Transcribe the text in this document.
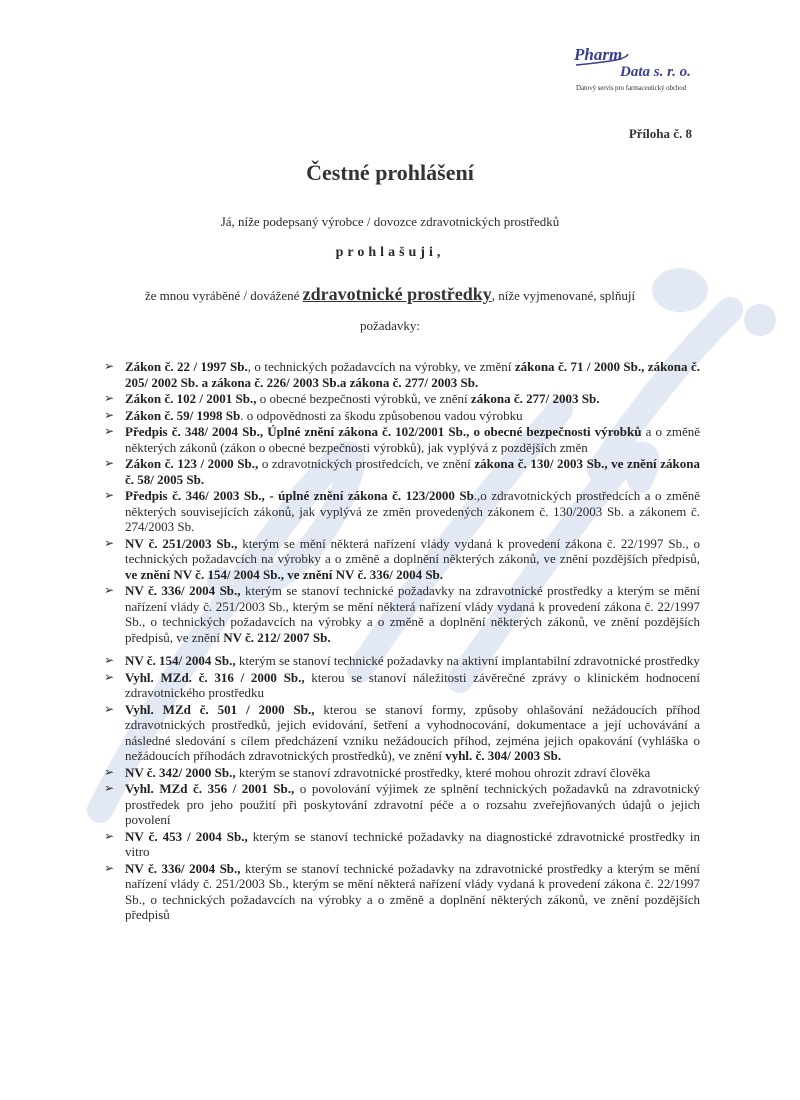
Pharm
Data s. r. o.
Datový servis pro farmaceutický obchod
Příloha č. 8
Čestné prohlášení
Já, níže podepsaný výrobce / dovozce zdravotnických prostředků
prohlašuji,
že mnou vyráběné / dovážené zdravotnické prostředky, níže vyjmenované, splňují
požadavky:
➢ Zákon č. 22 / 1997 Sb., o technických požadavcích na výrobky, ve změní zákona č. 71 / 2000 Sb., zákona č. 205/ 2002 Sb. a zákona č. 226/ 2003 Sb.a zákona č. 277/ 2003 Sb.
➢ Zákon č. 102 / 2001 Sb., o obecné bezpečnosti výrobků, ve znění zákona č. 277/ 2003 Sb.
➢ Zákon č. 59/ 1998 Sb. o odpovědnosti za škodu způsobenou vadou výrobku
➢ Předpis č. 348/ 2004 Sb., Úplné znění zákona č. 102/2001 Sb., o obecné bezpečnosti výrobků a o změně některých zákonů (zákon o obecné bezpečnosti výrobků), jak vyplývá z pozdějších změn
➢ Zákon č. 123 / 2000 Sb., o zdravotnických prostředcích, ve znění zákona č. 130/ 2003 Sb., ve znění zákona č. 58/ 2005 Sb.
➢ Předpis č. 346/ 2003 Sb., - úplné znění zákona č. 123/2000 Sb.,o zdravotnických prostředcích a o změně některých souvisejících zákonů, jak vyplývá ze změn provedených zákonem č. 130/2003 Sb. a zákonem č. 274/2003 Sb.
➢ NV č. 251/2003 Sb., kterým se mění některá nařízení vlády vydaná k provedení zákona č. 22/1997 Sb., o technických požadavcích na výrobky a o změně a doplnění některých zákonů, ve znění pozdějších předpisů, ve znění NV č. 154/ 2004 Sb., ve znění NV č. 336/ 2004 Sb.
➢ NV č. 336/ 2004 Sb., kterým se stanoví technické požadavky na zdravotnické prostředky a kterým se mění nařízení vlády č. 251/2003 Sb., kterým se mění některá nařízení vlády vydaná k provedení zákona č. 22/1997 Sb., o technických požadavcích na výrobky a o změně a doplnění některých zákonů, ve znění pozdějších předpisů, ve znění NV č. 212/ 2007 Sb.
➢ NV č. 154/ 2004 Sb., kterým se stanoví technické požadavky na aktivní implantabilní zdravotnické prostředky
➢ Vyhl. MZd. č. 316 / 2000 Sb., kterou se stanoví náležitosti závěrečné zprávy o klinickém hodnocení zdravotnického prostředku
➢ Vyhl. MZd č. 501 / 2000 Sb., kterou se stanoví formy, způsoby ohlašování nežádoucích příhod zdravotnických prostředků, jejich evidování, šetření a vyhodnocování, dokumentace a její uchovávání a následné sledování s cílem předcházení vzniku nežádoucích příhod, zejména jejich opakování (vyhláška o nežádoucích příhodách zdravotnických prostředků), ve znění vyhl. č. 304/ 2003 Sb.
➢ NV č. 342/ 2000 Sb., kterým se stanoví zdravotnické prostředky, které mohou ohrozit zdraví člověka
➢ Vyhl. MZd č. 356 / 2001 Sb., o povolování výjimek ze splnění technických požadavků na zdravotnický prostředek pro jeho použití při poskytování zdravotní péče a o rozsahu zveřejňovaných údajů o jejich povolení
➢ NV č. 453 / 2004 Sb., kterým se stanoví technické požadavky na diagnostické zdravotnické prostředky in vitro
➢ NV č. 336/ 2004 Sb., kterým se stanoví technické požadavky na zdravotnické prostředky a kterým se mění nařízení vlády č. 251/2003 Sb., kterým se mění některá nařízení vlády vydaná k provedení zákona č. 22/1997 Sb., o technických požadavcích na výrobky a o změně a doplnění některých zákonů, ve znění pozdějších předpisů
